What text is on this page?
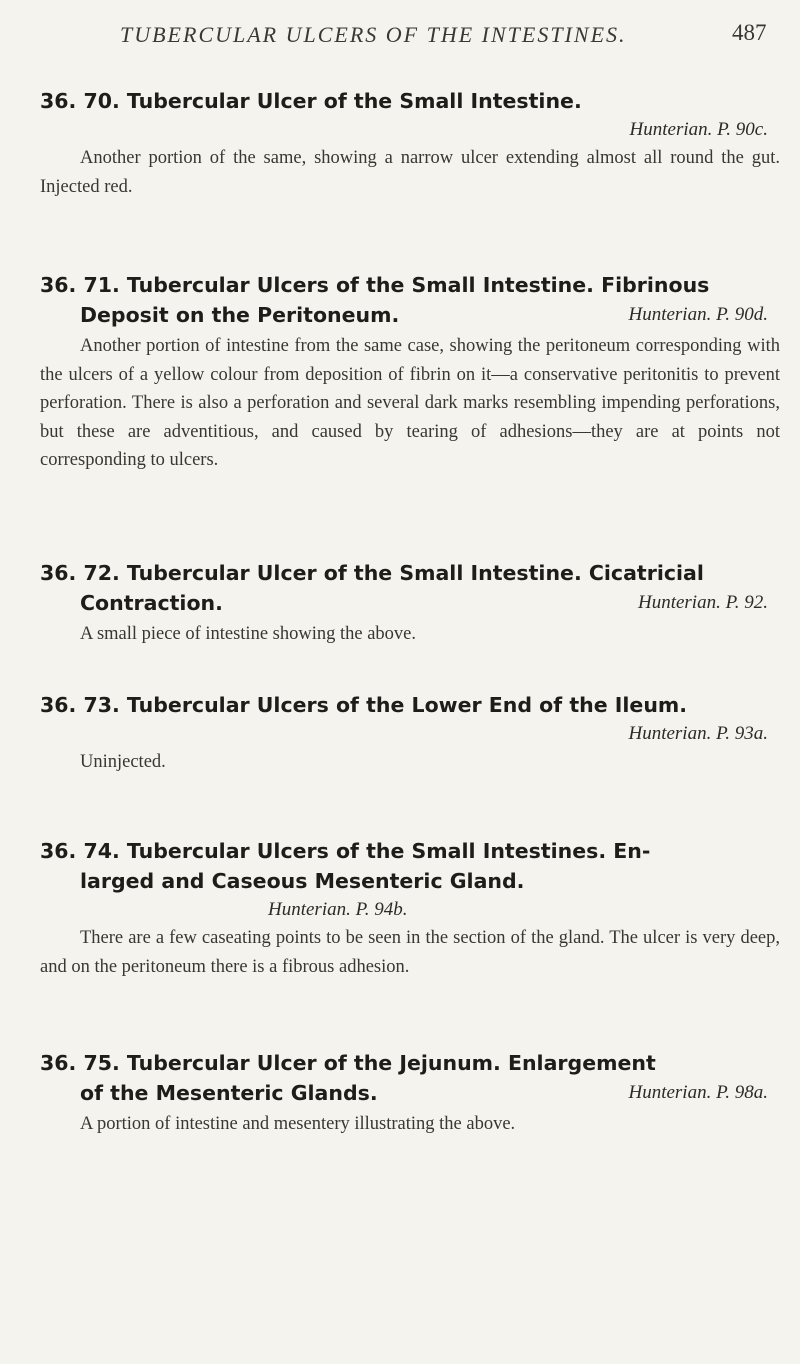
TUBERCULAR ULCERS OF THE INTESTINES.	487

36. 70. Tubercular Ulcer of the Small Intestine.

Hunterian. P. 90c.

Another portion of the same, showing a narrow ulcer extending almost all round the gut. Injected red.

36. 71. Tubercular Ulcers of the Small Intestine. Fibrinous
Deposit on the Peritoneum.	Hunterian. P. 90d.

Another portion of intestine from the same case, showing the peritoneum corresponding with the ulcers of a yellow colour from deposition of fibrin on it—a conservative peritonitis to prevent perforation. There is also a perforation and several dark marks resembling impending perforations, but these are adventitious, and caused by tearing of adhesions—they are at points not corresponding to ulcers.

36. 72. Tubercular Ulcer of the Small Intestine. Cicatricial
Contraction.	Hunterian. P. 92.

A small piece of intestine showing the above.

36. 73. Tubercular Ulcers of the Lower End of the Ileum.

Hunterian. P. 93a.

Uninjected.

36. 74. Tubercular Ulcers of the Small Intestines. En-
larged and Caseous Mesenteric Gland.

Hunterian. P. 94b.

There are a few caseating points to be seen in the section of the gland. The ulcer is very deep, and on the peritoneum there is a fibrous adhesion.

36. 75. Tubercular Ulcer of the Jejunum. Enlargement
of the Mesenteric Glands.	Hunterian. P. 98a.

A portion of intestine and mesentery illustrating the above.
